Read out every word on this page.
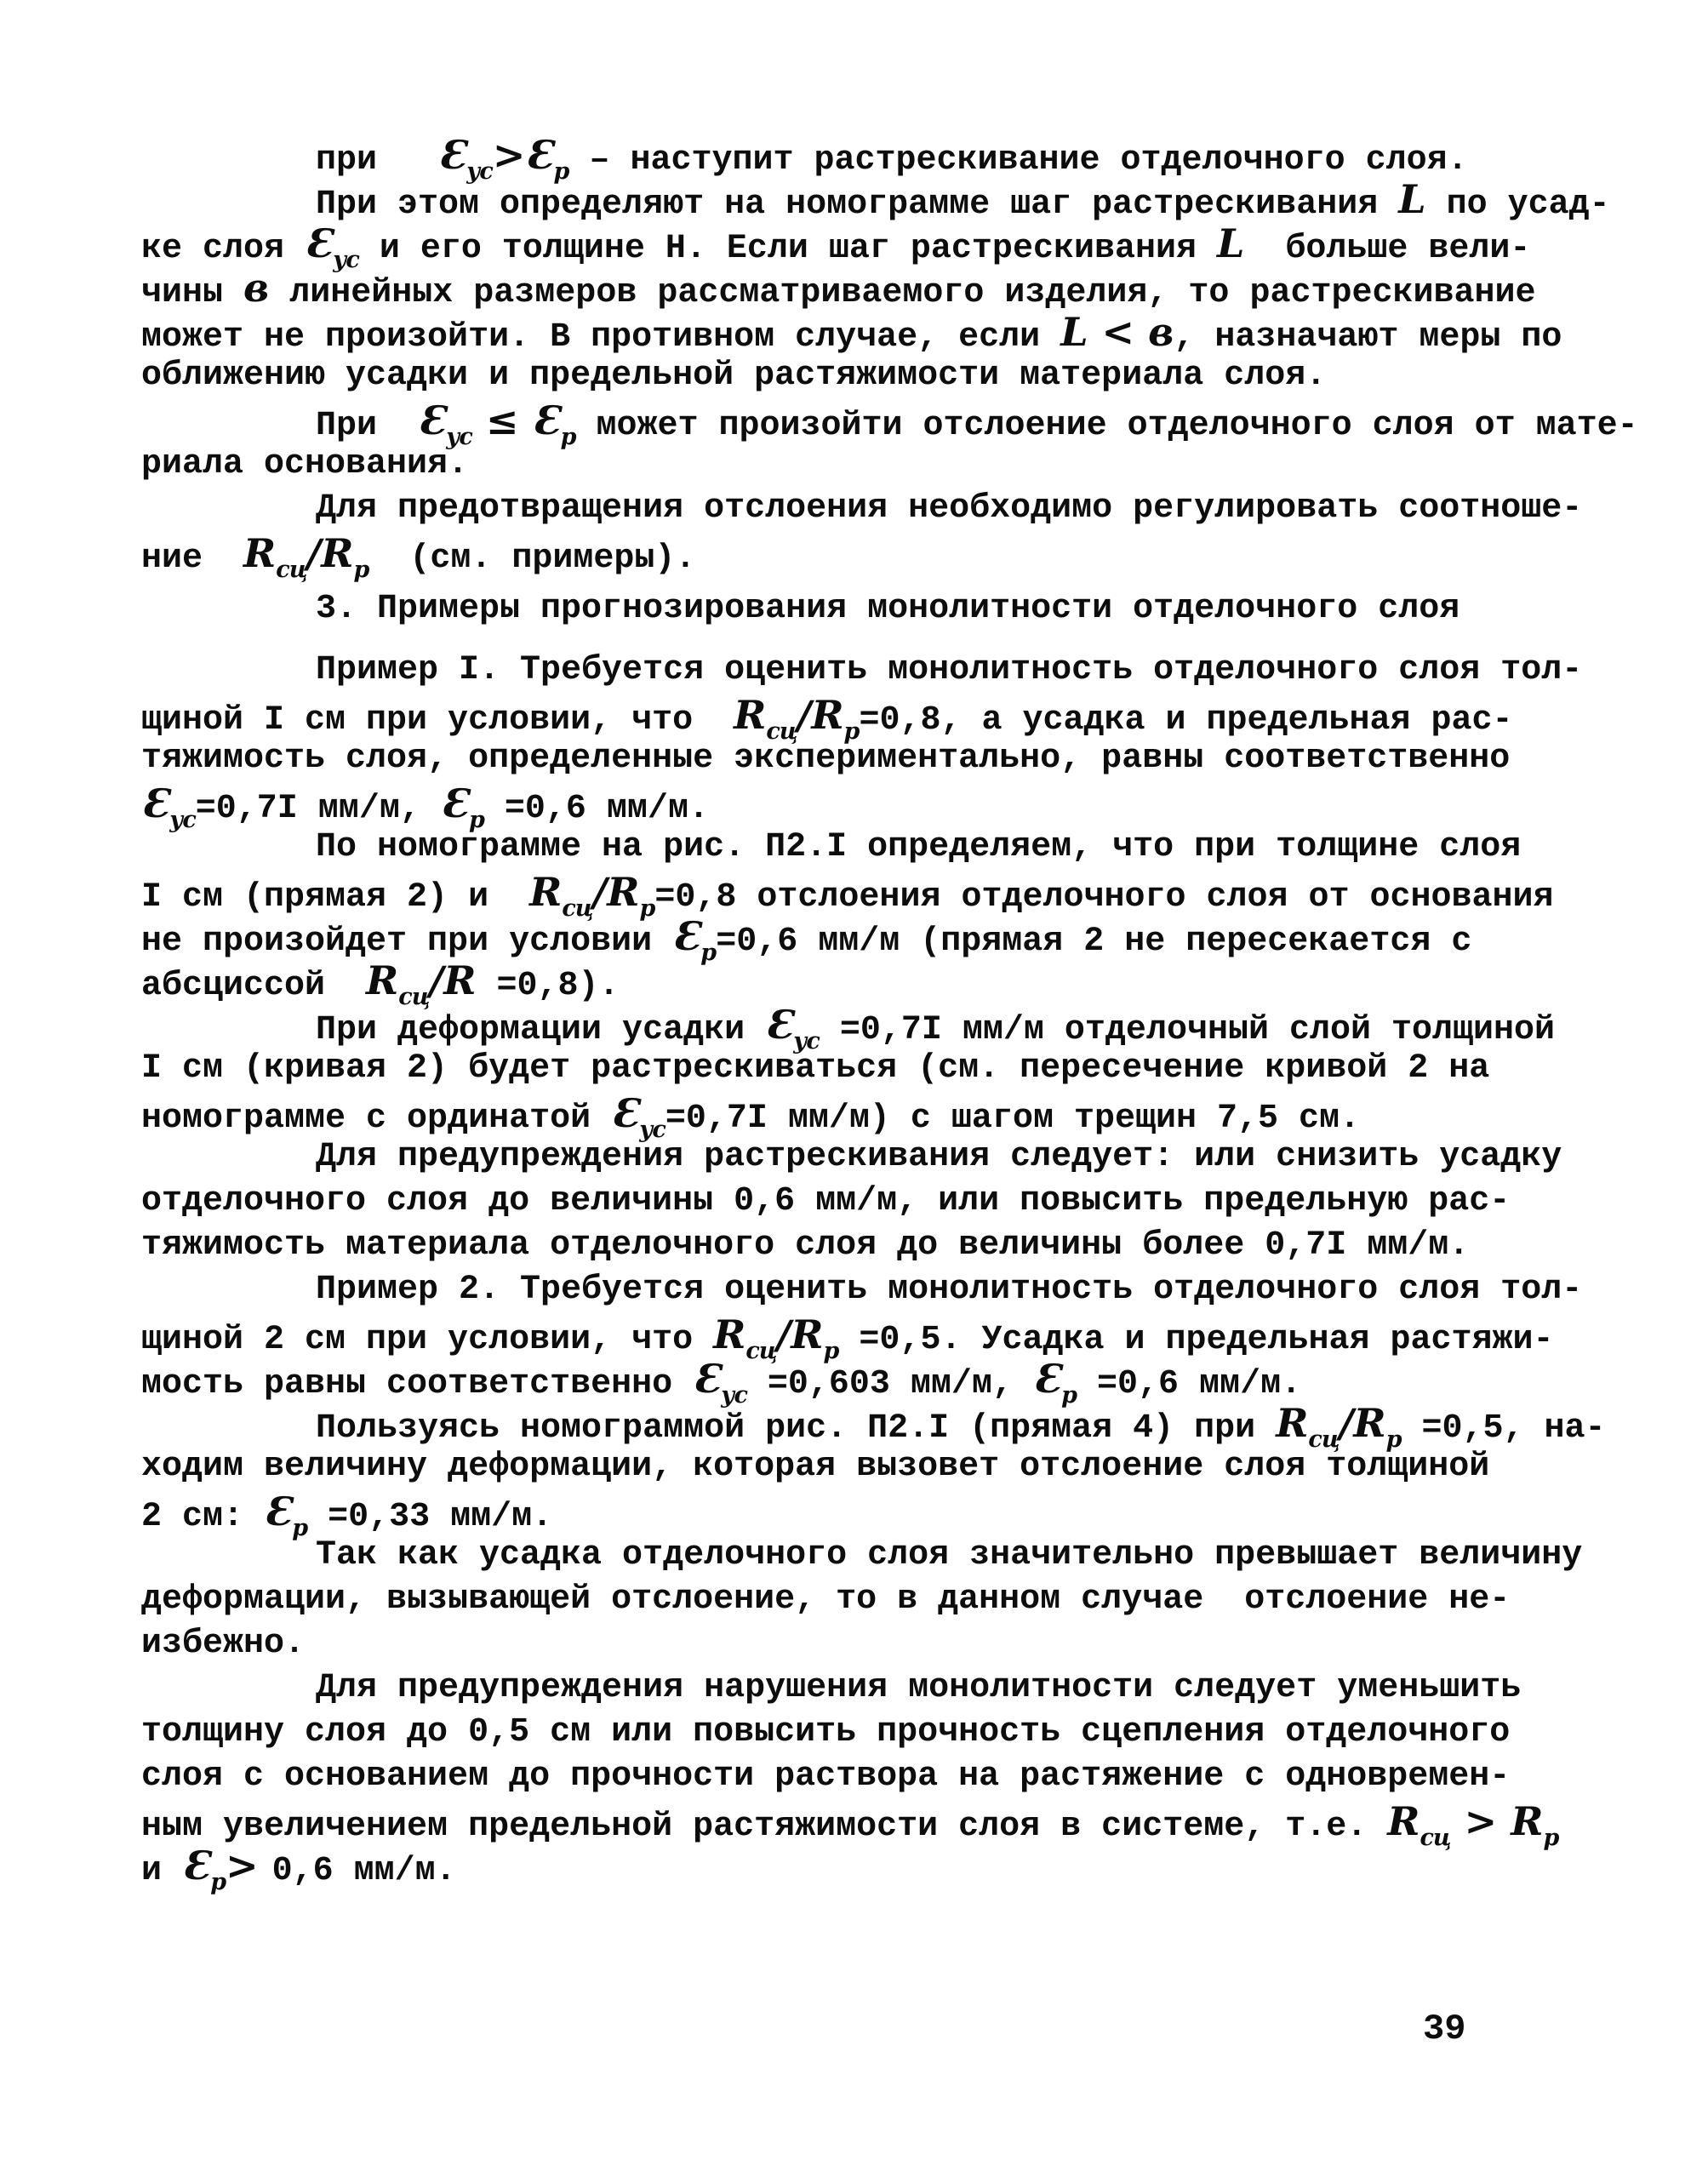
при   $Ɛ_{ус}>Ɛ_р$ – наступит растрескивание отделочного слоя.
При этом определяют на номограмме шаг растрескивания L по усад-
ке слоя $Ɛ_{ус}$ и его толщине Н. Если шаг растрескивания L  больше вели-
чины в линейных размеров рассматриваемого изделия, то растрескивание
может не произойти. В противном случае, если L < в, назначают меры по
оближению усадки и предельной растяжимости материала слоя.
При  $Ɛ_{ус}$ ≤ $Ɛ_р$ может произойти отслоение отделочного слоя от мате-
риала основания.
Для предотвращения отслоения необходимо регулировать соотноше-
ние  $R_{сц}/R_р$  (см. примеры).
3. Примеры прогнозирования монолитности отделочного слоя
Пример I. Требуется оценить монолитность отделочного слоя тол-
щиной I см при условии, что  $R_{сц}/R_р=0,8$, а усадка и предельная рас-
тяжимость слоя, определенные экспериментально, равны соответственно
$Ɛ_{ус}=0,7I$ мм/м, $Ɛ_р =0,6$ мм/м.
По номограмме на рис. П2.I определяем, что при толщине слоя
I см (прямая 2) и  $R_{сц}/R_р=0,8$ отслоения отделочного слоя от основания
не произойдет при условии $Ɛ_р=0,6$ мм/м (прямая 2 не пересекается с
абсциссой  $R_{сц}/R =0,8$).
При деформации усадки $Ɛ_{ус} =0,7I$ мм/м отделочный слой толщиной
I см (кривая 2) будет растрескиваться (см. пересечение кривой 2 на
номограмме с ординатой $Ɛ_{ус}=0,7I$ мм/м) с шагом трещин 7,5 см.
Для предупреждения растрескивания следует: или снизить усадку
отделочного слоя до величины 0,6 мм/м, или повысить предельную рас-
тяжимость материала отделочного слоя до величины более 0,7I мм/м.
Пример 2. Требуется оценить монолитность отделочного слоя тол-
щиной 2 см при условии, что $R_{сц}/R_р =0,5$. Усадка и предельная растяжи-
мость равны соответственно $Ɛ_{ус} =0,603$ мм/м, $Ɛ_р =0,6$ мм/м.
Пользуясь номограммой рис. П2.I (прямая 4) при $R_{сц}/R_р =0,5$, на-
ходим величину деформации, которая вызовет отслоение слоя толщиной
2 см: $Ɛ_р =0,33$ мм/м.
Так как усадка отделочного слоя значительно превышает величину
деформации, вызывающей отслоение, то в данном случае  отслоение не-
избежно.
Для предупреждения нарушения монолитности следует уменьшить
толщину слоя до 0,5 см или повысить прочность сцепления отделочного
слоя с основанием до прочности раствора на растяжение с одновремен-
ным увеличением предельной растяжимости слоя в системе, т.е. $R_{сц} > R_р$
и $Ɛ_р> 0,6$ мм/м.
39
